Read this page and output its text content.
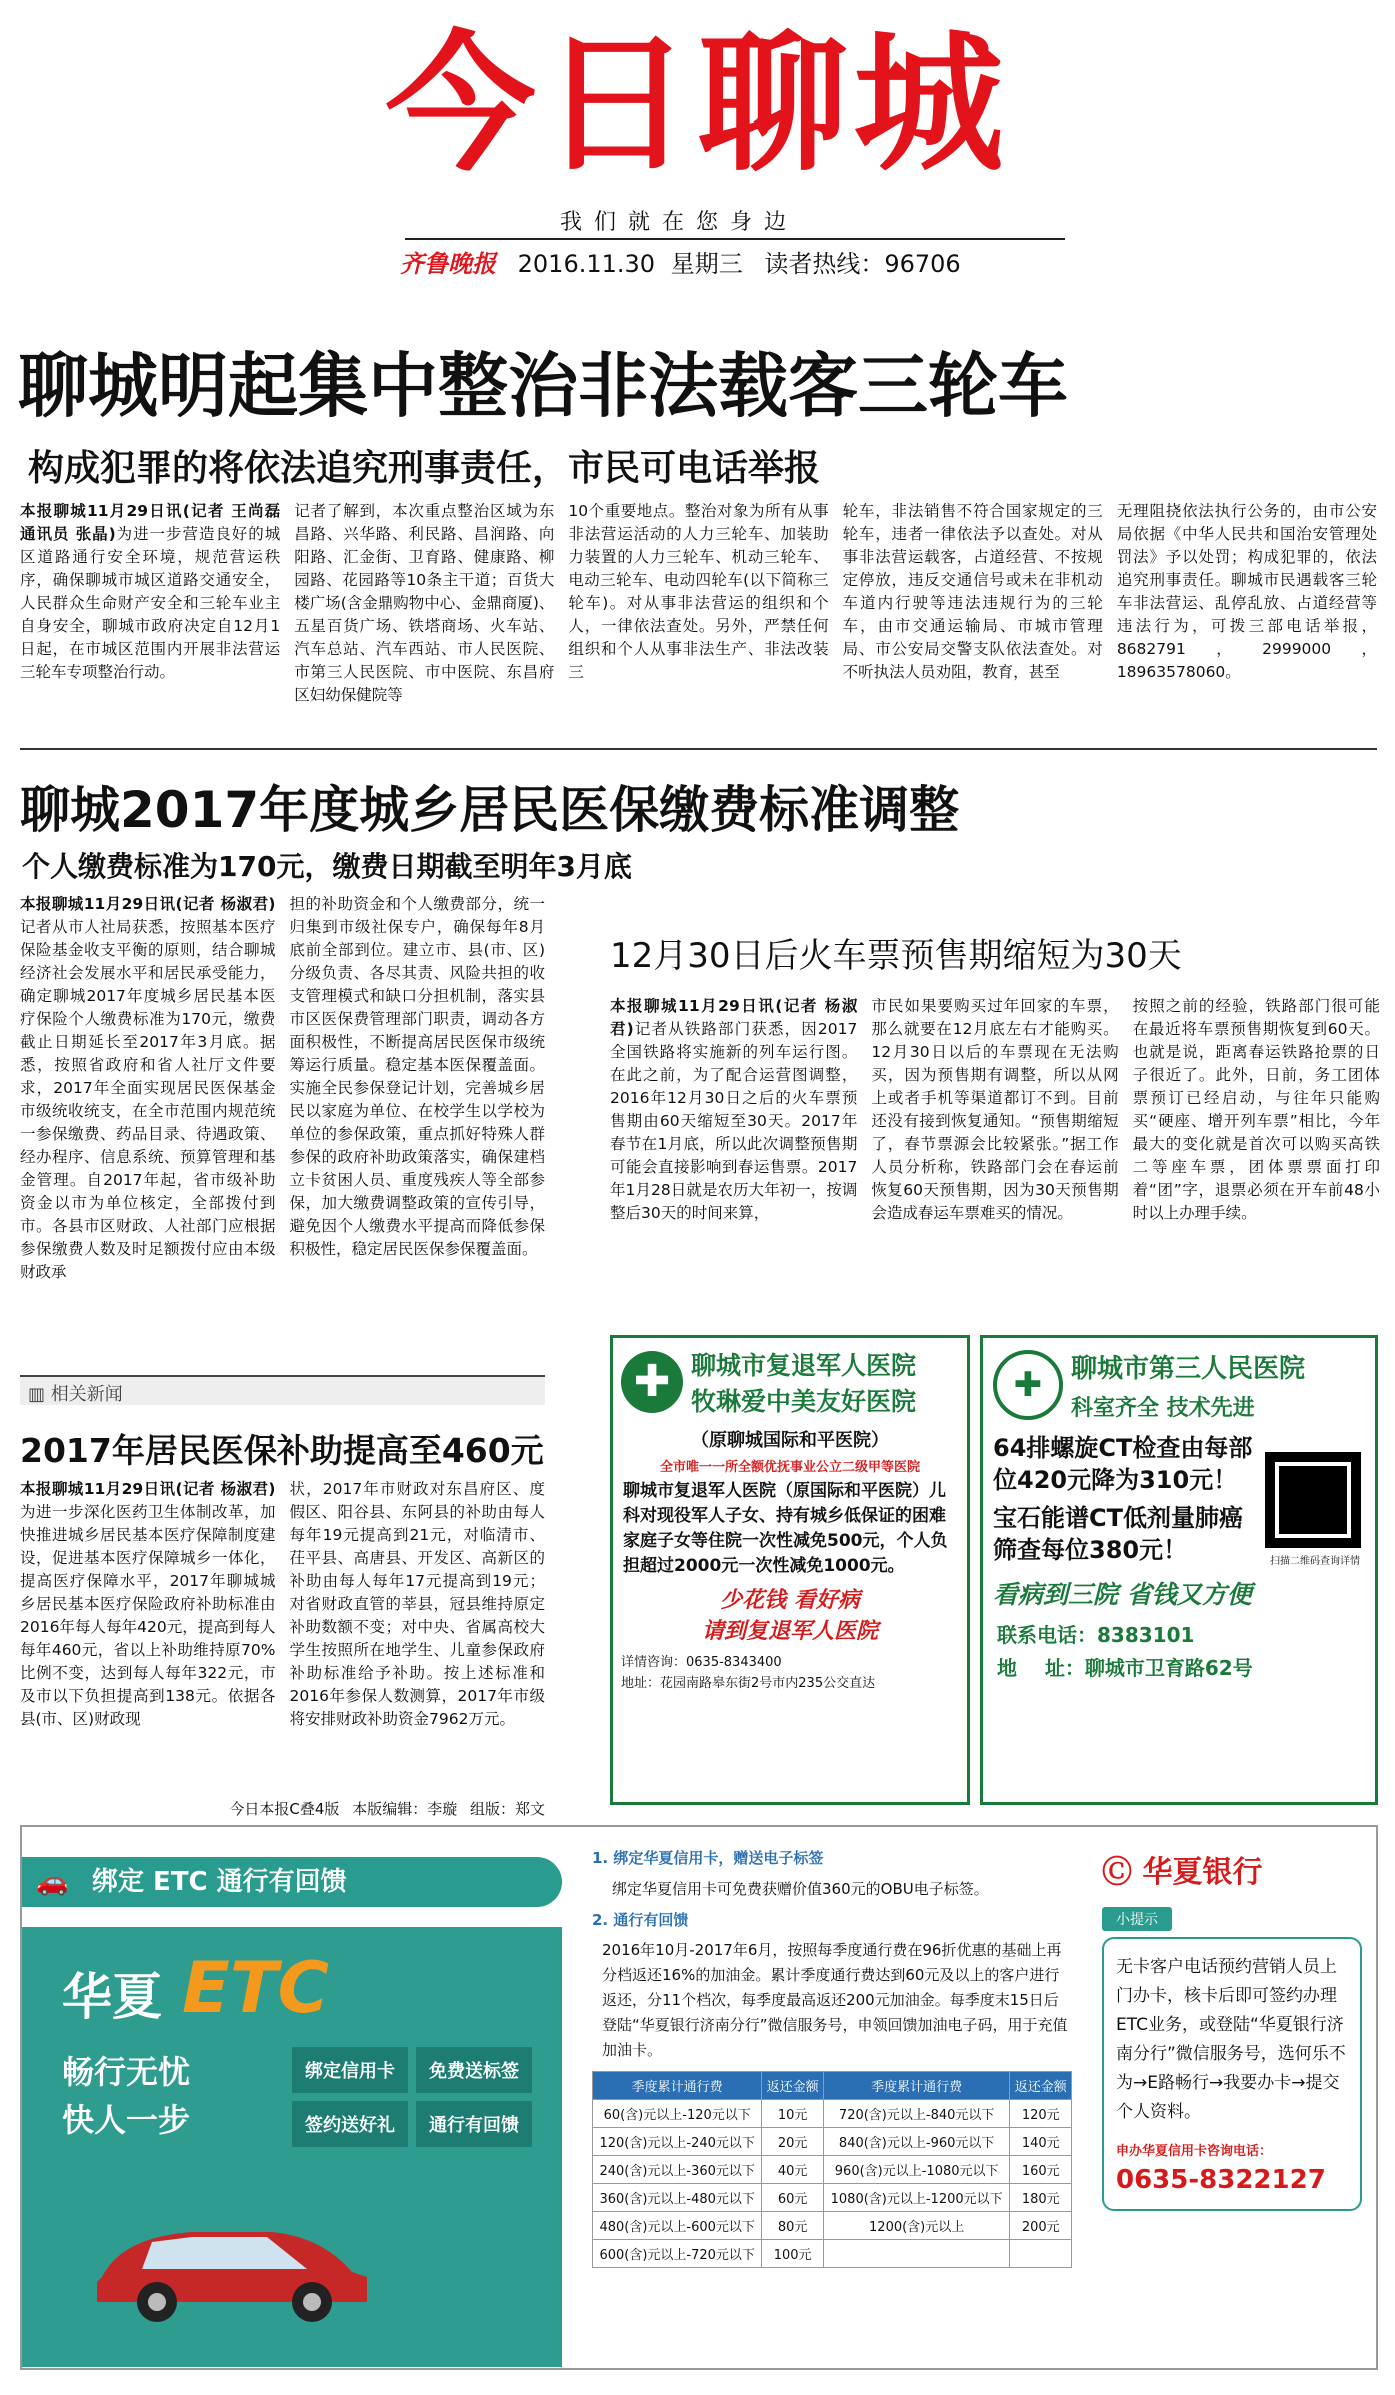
今日聊城
我们就在您身边
齐鲁晚报 2016.11.30 星期三 读者热线：96706
聊城明起集中整治非法载客三轮车
构成犯罪的将依法追究刑事责任，市民可电话举报
本报聊城11月29日讯(记者 王尚磊 通讯员 张晶)为进一步营造良好的城区道路通行安全环境，规范营运秩序，确保聊城市城区道路交通安全，人民群众生命财产安全和三轮车业主自身安全，聊城市政府决定自12月1日起，在市城区范围内开展非法营运三轮车专项整治行动。
记者了解到，本次重点整治区域为东昌路、兴华路、利民路、昌润路、向阳路、汇金街、卫育路、健康路、柳园路、花园路等10条主干道；百货大楼广场(含金鼎购物中心、金鼎商厦)、五星百货广场、铁塔商场、火车站、汽车总站、汽车西站、市人民医院、市第三人民医院、市中医院、东昌府区妇幼保健院等
10个重要地点。整治对象为所有从事非法营运活动的人力三轮车、加装助力装置的人力三轮车、机动三轮车、电动三轮车、电动四轮车(以下简称三轮车)。对从事非法营运的组织和个人，一律依法查处。另外，严禁任何组织和个人从事非法生产、非法改装三
轮车，非法销售不符合国家规定的三轮车，违者一律依法予以查处。对从事非法营运载客，占道经营、不按规定停放，违反交通信号或未在非机动车道内行驶等违法违规行为的三轮车，由市交通运输局、市城市管理局、市公安局交警支队依法查处。对不听执法人员劝阻，教育，甚至
无理阻挠依法执行公务的，由市公安局依据《中华人民共和国治安管理处罚法》予以处罚；构成犯罪的，依法追究刑事责任。聊城市民遇载客三轮车非法营运、乱停乱放、占道经营等违法行为，可拨三部电话举报，8682791，2999000，18963578060。
聊城2017年度城乡居民医保缴费标准调整
个人缴费标准为170元，缴费日期截至明年3月底
本报聊城11月29日讯(记者 杨淑君)记者从市人社局获悉，按照基本医疗保险基金收支平衡的原则，结合聊城经济社会发展水平和居民承受能力，确定聊城2017年度城乡居民基本医疗保险个人缴费标准为170元，缴费截止日期延长至2017年3月底。据悉，按照省政府和省人社厅文件要求，2017年全面实现居民医保基金市级统收统支，在全市范围内规范统一参保缴费、药品目录、待遇政策、经办程序、信息系统、预算管理和基金管理。自2017年起，省市级补助资金以市为单位核定，全部拨付到市。各县市区财政、人社部门应根据参保缴费人数及时足额拨付应由本级财政承
担的补助资金和个人缴费部分，统一归集到市级社保专户，确保每年8月底前全部到位。建立市、县(市、区)分级负责、各尽其责、风险共担的收支管理模式和缺口分担机制，落实县市区医保费管理部门职责，调动各方面积极性，不断提高居民医保市级统筹运行质量。稳定基本医保覆盖面。实施全民参保登记计划，完善城乡居民以家庭为单位、在校学生以学校为单位的参保政策，重点抓好特殊人群参保的政府补助政策落实，确保建档立卡贫困人员、重度残疾人等全部参保，加大缴费调整政策的宣传引导，避免因个人缴费水平提高而降低参保积极性，稳定居民医保参保覆盖面。
12月30日后火车票预售期缩短为30天
本报聊城11月29日讯(记者 杨淑君)记者从铁路部门获悉，因2017全国铁路将实施新的列车运行图。在此之前，为了配合运营图调整，2016年12月30日之后的火车票预售期由60天缩短至30天。2017年春节在1月底，所以此次调整预售期可能会直接影响到春运售票。2017年1月28日就是农历大年初一，按调整后30天的时间来算，
市民如果要购买过年回家的车票，那么就要在12月底左右才能购买。12月30日以后的车票现在无法购买，因为预售期有调整，所以从网上或者手机等渠道都订不到。目前还没有接到恢复通知。“预售期缩短了，春节票源会比较紧张。”据工作人员分析称，铁路部门会在春运前恢复60天预售期，因为30天预售期会造成春运车票难买的情况。
按照之前的经验，铁路部门很可能在最近将车票预售期恢复到60天。也就是说，距离春运铁路抢票的日子很近了。此外，日前，务工团体票预订已经启动，与往年只能购买“硬座、增开列车票”相比，今年最大的变化就是首次可以购买高铁二等座车票，团体票票面打印着“团”字，退票必须在开车前48小时以上办理手续。
▥ 相关新闻
2017年居民医保补助提高至460元
本报聊城11月29日讯(记者 杨淑君)为进一步深化医药卫生体制改革，加快推进城乡居民基本医疗保障制度建设，促进基本医疗保障城乡一体化，提高医疗保障水平，2017年聊城城乡居民基本医疗保险政府补助标准由2016年每人每年420元，提高到每人每年460元，省以上补助维持原70%比例不变，达到每人每年322元，市及市以下负担提高到138元。依据各县(市、区)财政现
状，2017年市财政对东昌府区、度假区、阳谷县、东阿县的补助由每人每年19元提高到21元，对临清市、茌平县、高唐县、开发区、高新区的补助由每人每年17元提高到19元；对省财政直管的莘县，冠县维持原定补助数额不变；对中央、省属高校大学生按照所在地学生、儿童参保政府补助标准给予补助。按上述标准和2016年参保人数测算，2017年市级将安排财政补助资金7962万元。
今日本报C叠4版 本版编辑：李璇 组版：郑文
✚ 聊城市复退军人医院
牧琳爱中美友好医院
（原聊城国际和平医院）
全市唯一一所全额优抚事业公立二级甲等医院
聊城市复退军人医院（原国际和平医院）儿科对现役军人子女、持有城乡低保证的困难家庭子女等住院一次性减免500元，个人负担超过2000元一次性减免1000元。
少花钱 看好病
请到复退军人医院
详情咨询：0635-8343400
地址：花园南路皋东街2号市内235公交直达
✚	聊城市第三人民医院
科室齐全 技术先进
64排螺旋CT检查由每部位420元降为310元！
宝石能谱CT低剂量肺癌筛查每位380元！	扫描二维码查询详情
看病到三院 省钱又方便
联系电话：8383101
地    址：聊城市卫育路62号
🚗 绑定 ETC 通行有回馈
华夏 ETC
畅行无忧
快人一步
绑定信用卡	免费送标签
签约送好礼	通行有回馈
1. 绑定华夏信用卡，赠送电子标签
绑定华夏信用卡可免费获赠价值360元的OBU电子标签。
2. 通行有回馈
2016年10月-2017年6月，按照每季度通行费在96折优惠的基础上再分档返还16%的加油金。累计季度通行费达到60元及以上的客户进行返还，分11个档次，每季度最高返还200元加油金。每季度末15日后登陆“华夏银行济南分行”微信服务号，申领回馈加油电子码，用于充值加油卡。
季度累计通行费	返还金额	季度累计通行费	返还金额
60(含)元以上-120元以下	10元	720(含)元以上-840元以下	120元
120(含)元以上-240元以下	20元	840(含)元以上-960元以下	140元
240(含)元以上-360元以下	40元	960(含)元以上-1080元以下	160元
360(含)元以上-480元以下	60元	1080(含)元以上-1200元以下	180元
480(含)元以上-600元以下	80元	1200(含)元以上	200元
600(含)元以上-720元以下	100元		
Ⓒ 华夏银行
小提示
无卡客户电话预约营销人员上门办卡，核卡后即可签约办理ETC业务，或登陆“华夏银行济南分行”微信服务号，选何乐不为→E路畅行→我要办卡→提交个人资料。
申办华夏信用卡咨询电话：
0635-8322127
